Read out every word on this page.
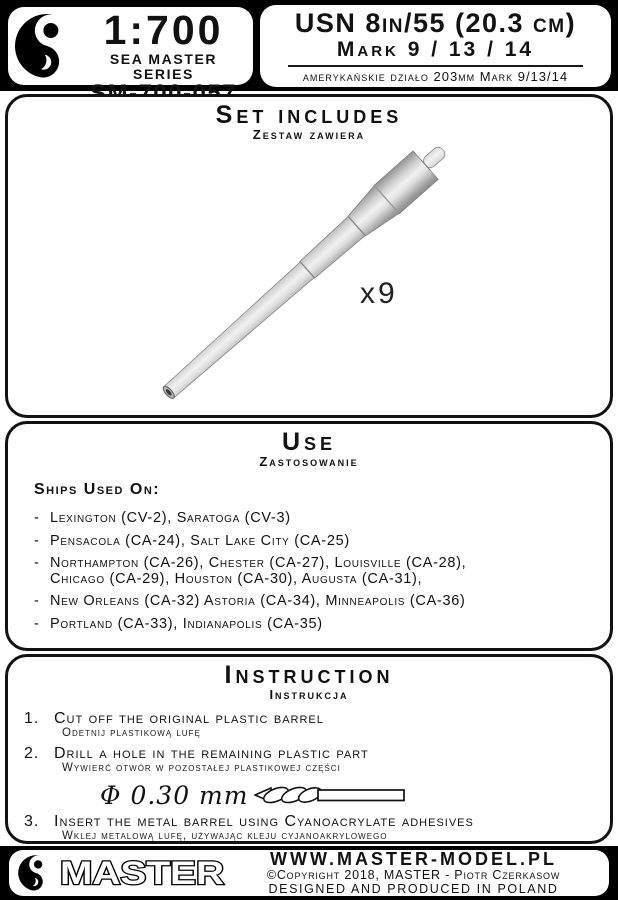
1:700
SEA MASTER SERIES
USN 8in/55 (20.3 cm)
Mark 9 / 13 / 14
amerykańskie działo 203mm Mark 9/13/14
Set includes
Zestaw zawiera
x9
Use
Zastosowanie
Ships Used On:
- Lexington (CV-2), Saratoga (CV-3)
- Pensacola (CA-24), Salt Lake City (CA-25)
- Northampton (CA-26), Chester (CA-27), Louisville (CA-28),
Chicago (CA-29), Houston (CA-30), Augusta (CA-31),
- New Orleans (CA-32) Astoria (CA-34), Minneapolis (CA-36)
- Portland (CA-33), Indianapolis (CA-35)
Instruction
Instrukcja
1. Cut off the original plastic barrel
Odetnij plastikową lufę
2. Drill a hole in the remaining plastic part
Wywierć otwór w pozostałej plastikowej części
Φ 0.30 mm
3. Insert the metal barrel using Cyanoacrylate adhesives
Wklej metalową lufę, używając kleju cyjanoakrylowego
MASTER	WWW.MASTER-MODEL.PL
©Copyright 2018, MASTER - Piotr Czerkasow
DESIGNED AND PRODUCED IN POLAND
